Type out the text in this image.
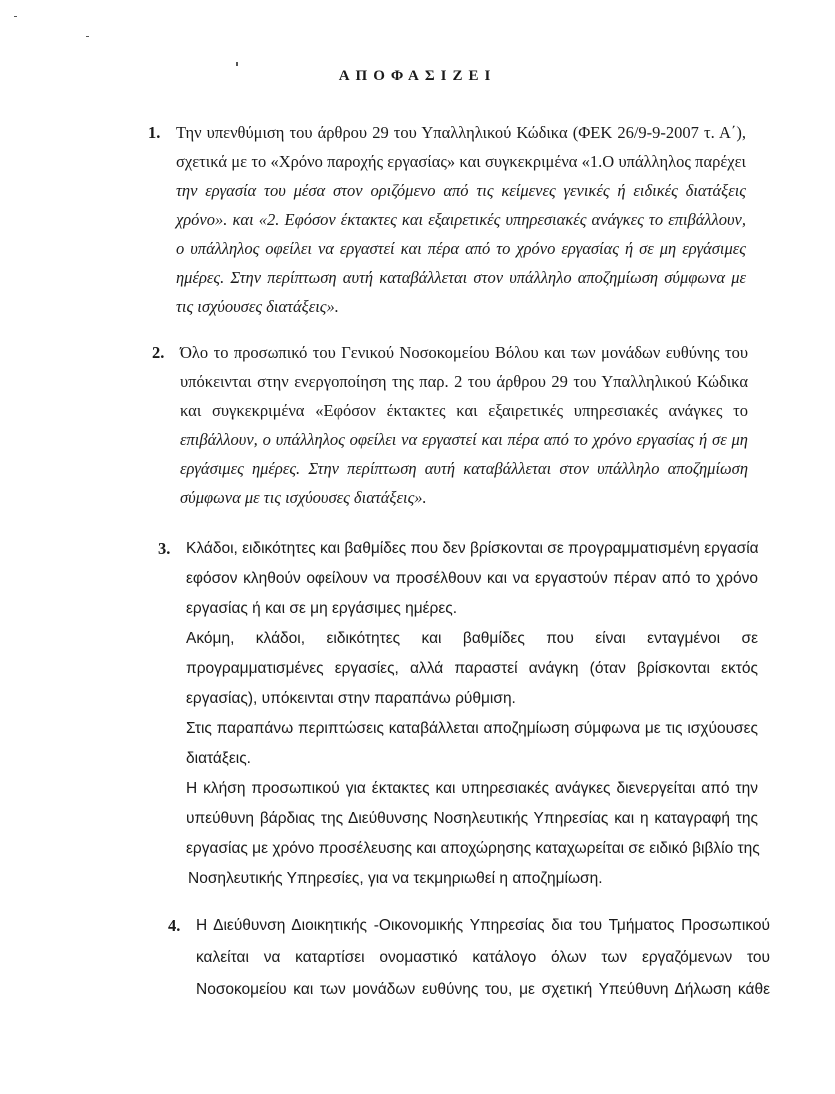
ΑΠΟΦΑΣΙΖΕΙ
1. Την υπενθύμιση του άρθρου 29 του Υπαλληλικού Κώδικα (ΦΕΚ 26/9-9-2007 τ. Α΄),
σχετικά με το «Χρόνο παροχής εργασίας» και συγκεκριμένα «1.Ο υπάλληλος παρέχει
την εργασία του μέσα στον οριζόμενο από τις κείμενες γενικές ή ειδικές διατάξεις
χρόνο». και «2. Εφόσον έκτακτες και εξαιρετικές υπηρεσιακές ανάγκες το επιβάλλουν,
ο υπάλληλος οφείλει να εργαστεί και πέρα από το χρόνο εργασίας ή σε μη εργάσιμες
ημέρες. Στην περίπτωση αυτή καταβάλλεται στον υπάλληλο αποζημίωση σύμφωνα με
τις ισχύουσες διατάξεις».
2. Όλο το προσωπικό του Γενικού Νοσοκομείου Βόλου και των μονάδων ευθύνης του
υπόκεινται στην ενεργοποίηση της παρ. 2 του άρθρου 29 του Υπαλληλικού Κώδικα
και συγκεκριμένα «Εφόσον έκτακτες και εξαιρετικές υπηρεσιακές ανάγκες το
επιβάλλουν, ο υπάλληλος οφείλει να εργαστεί και πέρα από το χρόνο εργασίας ή σε μη
εργάσιμες ημέρες. Στην περίπτωση αυτή καταβάλλεται στον υπάλληλο αποζημίωση
σύμφωνα με τις ισχύουσες διατάξεις».
3. Κλάδοι, ειδικότητες και βαθμίδες που δεν βρίσκονται σε προγραμματισμένη εργασία
εφόσον κληθούν οφείλουν να προσέλθουν και να εργαστούν πέραν από το χρόνο
εργασίας ή και σε μη εργάσιμες ημέρες.
Ακόμη, κλάδοι, ειδικότητες και βαθμίδες που είναι ενταγμένοι σε
προγραμματισμένες εργασίες, αλλά παραστεί ανάγκη (όταν βρίσκονται εκτός
εργασίας), υπόκεινται στην παραπάνω ρύθμιση.
Στις παραπάνω περιπτώσεις καταβάλλεται αποζημίωση σύμφωνα με τις ισχύουσες
διατάξεις.
Η κλήση προσωπικού για έκτακτες και υπηρεσιακές ανάγκες διενεργείται από την
υπεύθυνη βάρδιας της Διεύθυνσης Νοσηλευτικής Υπηρεσίας και η καταγραφή της
εργασίας με χρόνο προσέλευσης και αποχώρησης καταχωρείται σε ειδικό βιβλίο της
Νοσηλευτικής Υπηρεσίες, για να τεκμηριωθεί η αποζημίωση.
4. Η Διεύθυνση Διοικητικής -Οικονομικής Υπηρεσίας δια του Τμήματος Προσωπικού
καλείται να καταρτίσει ονομαστικό κατάλογο όλων των εργαζόμενων του
Νοσοκομείου και των μονάδων ευθύνης του, με σχετική Υπεύθυνη Δήλωση κάθε
